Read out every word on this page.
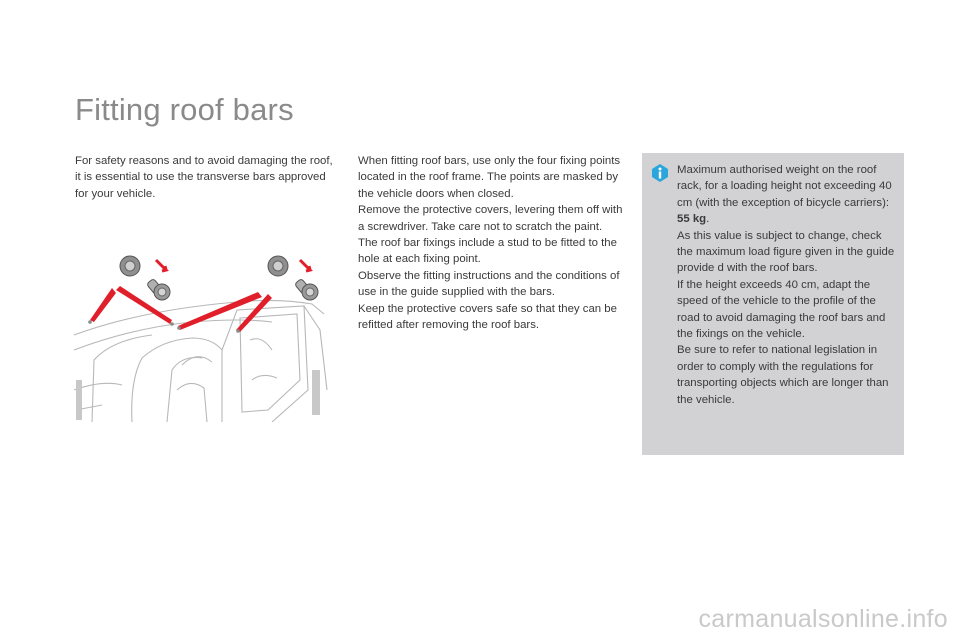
Fitting roof bars
For safety reasons and to avoid damaging the roof, it is essential to use the transverse bars approved for your vehicle.

When fitting roof bars, use only the four fixing points located in the roof frame. The points are masked by the vehicle doors when closed.

Remove the protective covers, levering them off with a screwdriver. Take care not to scratch the paint.

The roof bar fixings include a stud to be fitted to the hole at each fixing point.

Observe the fitting instructions and the conditions of use in the guide supplied with the bars.

Keep the protective covers safe so that they can be refitted after removing the roof bars.

Maximum authorised weight on the roof rack, for a loading height not exceeding 40 cm (with the exception of bicycle carriers): 55 kg.

As this value is subject to change, check the maximum load figure given in the guide provide d with the roof bars.

If the height exceeds 40 cm, adapt the speed of the vehicle to the profile of the road to avoid damaging the roof bars and the fixings on the vehicle.

Be sure to refer to national legislation in order to comply with the regulations for transporting objects which are longer than the vehicle.

carmanualsonline.info
